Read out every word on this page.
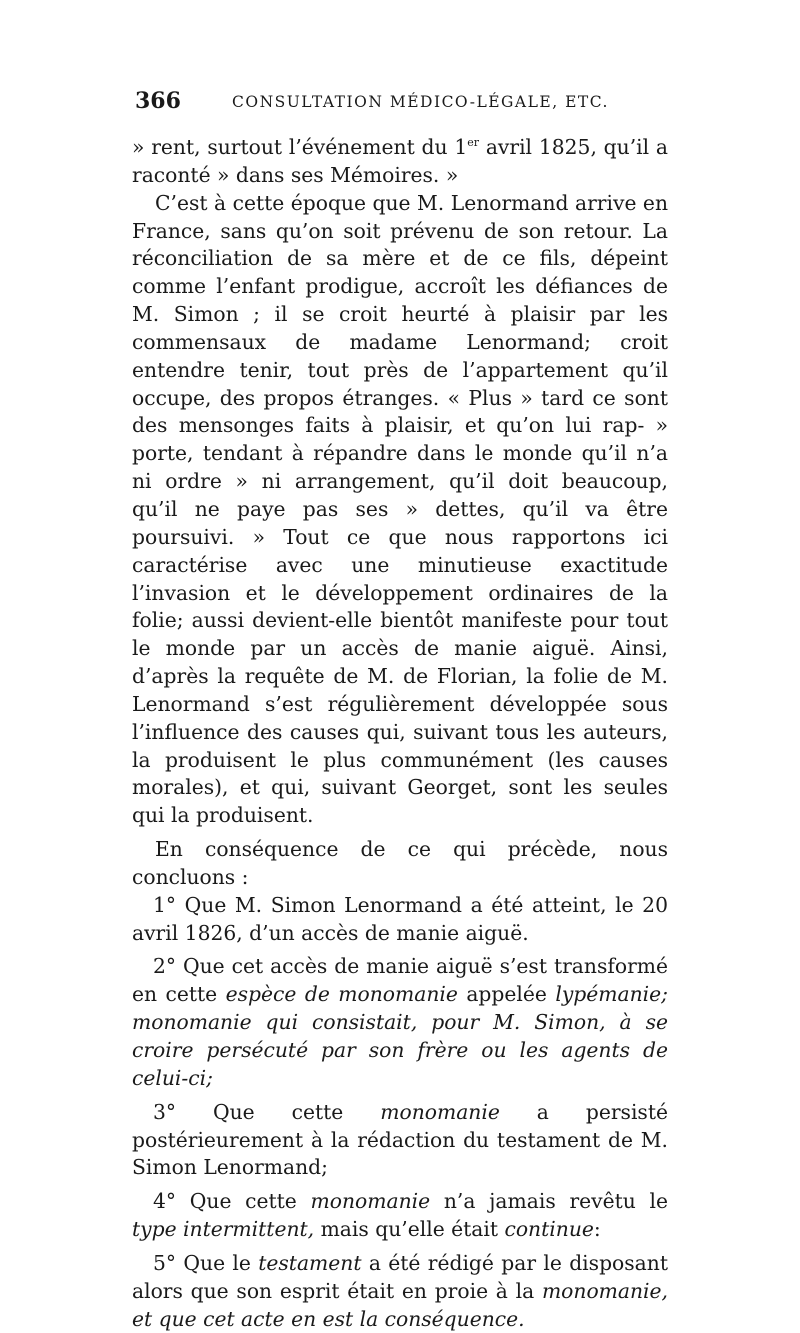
366	CONSULTATION MÉDICO-LÉGALE, ETC.

» rent, surtout l’événement du 1er avril 1825, qu’il a raconté » dans ses Mémoires. »

C’est à cette époque que M. Lenormand arrive en France, sans qu’on soit prévenu de son retour. La réconciliation de sa mère et de ce fils, dépeint comme l’enfant prodigue, accroît les défiances de M. Simon ; il se croit heurté à plaisir par les commensaux de madame Lenormand; croit entendre tenir, tout près de l’appartement qu’il occupe, des propos étranges. « Plus » tard ce sont des mensonges faits à plaisir, et qu’on lui rap- » porte, tendant à répandre dans le monde qu’il n’a ni ordre » ni arrangement, qu’il doit beaucoup, qu’il ne paye pas ses » dettes, qu’il va être poursuivi. » Tout ce que nous rapportons ici caractérise avec une minutieuse exactitude l’invasion et le développement ordinaires de la folie; aussi devient-elle bientôt manifeste pour tout le monde par un accès de manie aiguë. Ainsi, d’après la requête de M. de Florian, la folie de M. Lenormand s’est régulièrement développée sous l’influence des causes qui, suivant tous les auteurs, la produisent le plus communément (les causes morales), et qui, suivant Georget, sont les seules qui la produisent.

En conséquence de ce qui précède, nous concluons :

1° Que M. Simon Lenormand a été atteint, le 20 avril 1826, d’un accès de manie aiguë.

2° Que cet accès de manie aiguë s’est transformé en cette espèce de monomanie appelée lypémanie; monomanie qui consistait, pour M. Simon, à se croire persécuté par son frère ou les agents de celui-ci;

3° Que cette monomanie a persisté postérieurement à la rédaction du testament de M. Simon Lenormand;

4° Que cette monomanie n’a jamais revêtu le type intermittent, mais qu’elle était continue:

5° Que le testament a été rédigé par le disposant alors que son esprit était en proie à la monomanie, et que cet acte en est la conséquence.
